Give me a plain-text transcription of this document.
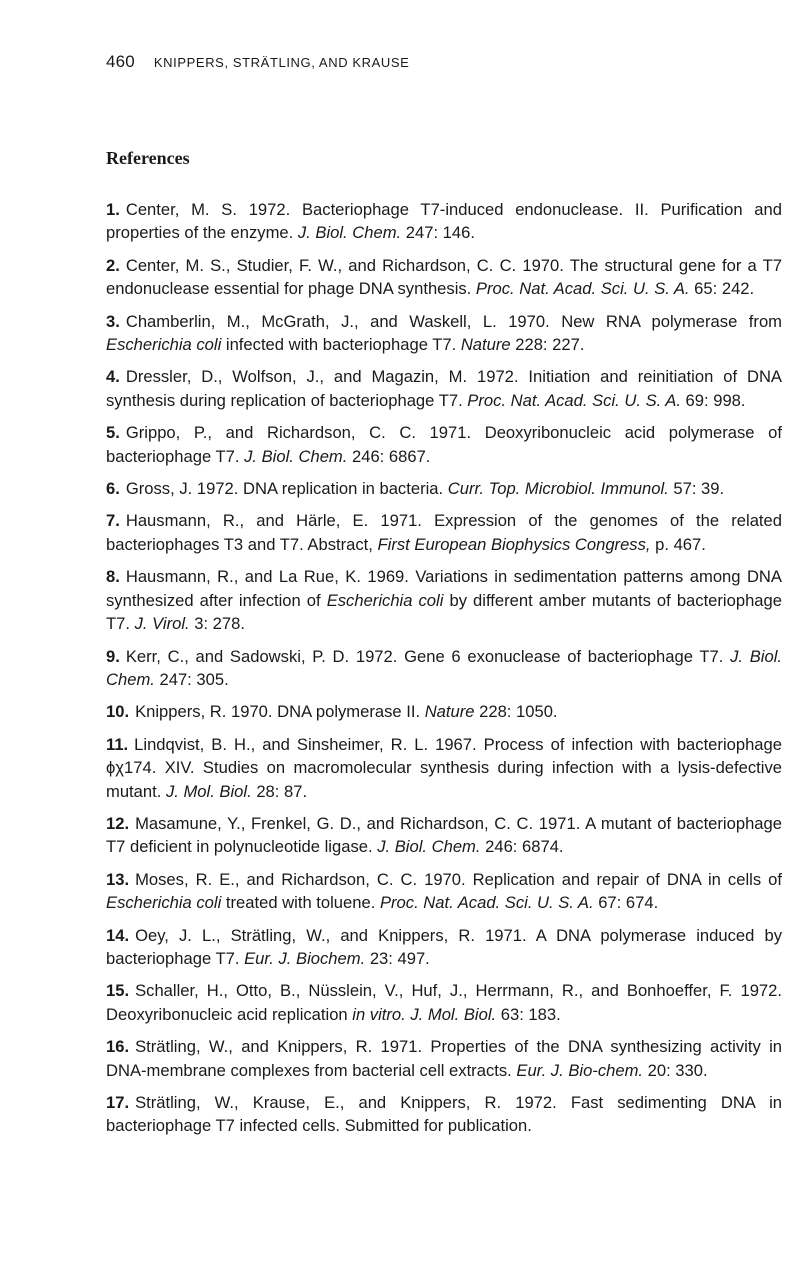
460 KNIPPERS, STRÄTLING, AND KRAUSE
References
1. Center, M. S. 1972. Bacteriophage T7-induced endonuclease. II. Purification and properties of the enzyme. J. Biol. Chem. 247: 146.
2. Center, M. S., Studier, F. W., and Richardson, C. C. 1970. The structural gene for a T7 endonuclease essential for phage DNA synthesis. Proc. Nat. Acad. Sci. U. S. A. 65: 242.
3. Chamberlin, M., McGrath, J., and Waskell, L. 1970. New RNA polymerase from Escherichia coli infected with bacteriophage T7. Nature 228: 227.
4. Dressler, D., Wolfson, J., and Magazin, M. 1972. Initiation and reinitiation of DNA synthesis during replication of bacteriophage T7. Proc. Nat. Acad. Sci. U. S. A. 69: 998.
5. Grippo, P., and Richardson, C. C. 1971. Deoxyribonucleic acid polymerase of bacteriophage T7. J. Biol. Chem. 246: 6867.
6. Gross, J. 1972. DNA replication in bacteria. Curr. Top. Microbiol. Immunol. 57: 39.
7. Hausmann, R., and Härle, E. 1971. Expression of the genomes of the related bacteriophages T3 and T7. Abstract, First European Biophysics Congress, p. 467.
8. Hausmann, R., and La Rue, K. 1969. Variations in sedimentation patterns among DNA synthesized after infection of Escherichia coli by different amber mutants of bacteriophage T7. J. Virol. 3: 278.
9. Kerr, C., and Sadowski, P. D. 1972. Gene 6 exonuclease of bacteriophage T7. J. Biol. Chem. 247: 305.
10. Knippers, R. 1970. DNA polymerase II. Nature 228: 1050.
11. Lindqvist, B. H., and Sinsheimer, R. L. 1967. Process of infection with bacteriophage ϕχ174. XIV. Studies on macromolecular synthesis during infection with a lysis-defective mutant. J. Mol. Biol. 28: 87.
12. Masamune, Y., Frenkel, G. D., and Richardson, C. C. 1971. A mutant of bacteriophage T7 deficient in polynucleotide ligase. J. Biol. Chem. 246: 6874.
13. Moses, R. E., and Richardson, C. C. 1970. Replication and repair of DNA in cells of Escherichia coli treated with toluene. Proc. Nat. Acad. Sci. U. S. A. 67: 674.
14. Oey, J. L., Strätling, W., and Knippers, R. 1971. A DNA polymerase induced by bacteriophage T7. Eur. J. Biochem. 23: 497.
15. Schaller, H., Otto, B., Nüsslein, V., Huf, J., Herrmann, R., and Bonhoeffer, F. 1972. Deoxyribonucleic acid replication in vitro. J. Mol. Biol. 63: 183.
16. Strätling, W., and Knippers, R. 1971. Properties of the DNA synthesizing activity in DNA-membrane complexes from bacterial cell extracts. Eur. J. Bio-chem. 20: 330.
17. Strätling, W., Krause, E., and Knippers, R. 1972. Fast sedimenting DNA in bacteriophage T7 infected cells. Submitted for publication.
